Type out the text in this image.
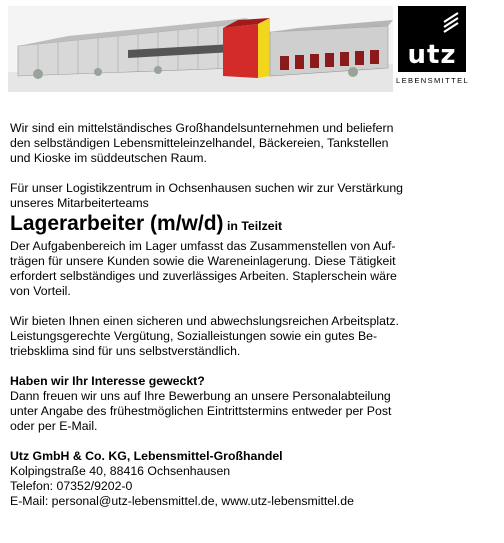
utz
LEBENSMITTEL

Wir sind ein mittelständisches Großhandelsunternehmen und beliefern

den selbständigen Lebensmitteleinzelhandel, Bäckereien, Tankstellen

und Kioske im süddeutschen Raum.

Für unser Logistikzentrum in Ochsenhausen suchen wir zur Verstärkung

unseres Mitarbeiterteams

Lagerarbeiter (m/w/d) in Teilzeit

Der Aufgabenbereich im Lager umfasst das Zusammenstellen von Auf-

trägen für unsere Kunden sowie die Wareneinlagerung. Diese Tätigkeit

erfordert selbständiges und zuverlässiges Arbeiten. Staplerschein wäre

von Vorteil.

Wir bieten Ihnen einen sicheren und abwechslungsreichen Arbeitsplatz.

Leistungsgerechte Vergütung, Sozialleistungen sowie ein gutes Be-

triebsklima sind für uns selbstverständlich.

Haben wir Ihr Interesse geweckt?

Dann freuen wir uns auf Ihre Bewerbung an unsere Personalabteilung

unter Angabe des frühestmöglichen Eintrittstermins entweder per Post

oder per E-Mail.

Utz GmbH & Co. KG, Lebensmittel-Großhandel

Kolpingstraße 40, 88416 Ochsenhausen

Telefon: 07352/9202-0

E-Mail: personal@utz-lebensmittel.de, www.utz-lebensmittel.de
